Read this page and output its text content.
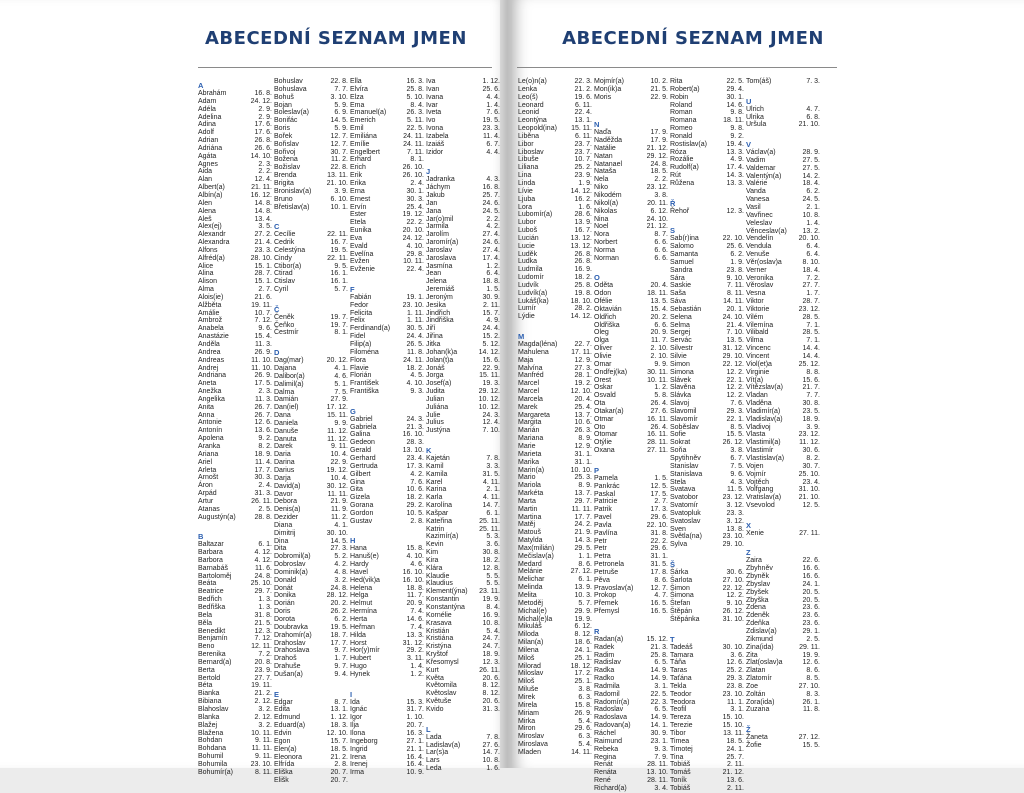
ABECEDNÍ SEZNAM JMEN
A
Abrahám	16. 8.
Adam	24. 12.
Adéla	2. 9.
Adelina	2. 9.
Adina	17. 6.
Adolf	17. 6.
Adrian	26. 8.
Adriána	26. 6.
Agáta	14. 10.
Agnes	2. 3.
Aida	2. 2.
Alan	12. 4.
Albert(a)	21. 11.
Albín(a)	16. 12.
Alen	14. 8.
Alena	14. 8.
Aleš	13. 4.
Alex(ej)	3. 5.
Alexandr	27. 2.
Alexandra	21. 4.
Alfons	23. 3.
Alfréd(a)	28. 10.
Alice	15. 1.
Alina	28. 7.
Alison	15. 1.
Alma	2. 7.
Alois(ie)	21. 6.
Alžběta	19. 11.
Amálie	10. 7.
Ambrož	7. 12.
Anabela	9. 6.
Anastázie	15. 4.
Anděla	11. 3.
Andrea	26. 9.
Andreas	11. 10.
Andrej	11. 10.
Andriana	26. 9.
Aneta	17. 5.
Anežka	2. 3.
Angelika	11. 3.
Anita	26. 7.
Anna	26. 7.
Antonie	12. 6.
Antonín	13. 6.
Apolena	9. 2.
Aranka	8. 2.
Ariana	18. 9.
Ariel	11. 4.
Arleta	17. 7.
Arnošt	30. 3.
Áron	2. 4.
Arpád	31. 3.
Artur	26. 11.
Atanas	2. 5.
Augustýn(a)	28. 8.
B
Baltazar	6. 1.
Barbara	4. 12.
Barbora	4. 12.
Barnabáš	11. 6.
Bartoloměj	24. 8.
Beáta	25. 10.
Beatrice	29. 7.
Bedřich	1. 3.
Bedřiška	1. 3.
Bela	31. 8.
Běla	21. 5.
Benedikt	12. 3.
Benjamín	7. 12.
Beno	12. 11.
Berenika	7. 2.
Bernard(a)	20. 8.
Berta	23. 9.
Bertold	27. 7.
Béta	19. 11.
Bianka	21. 2.
Bibiana	2. 12.
Blahoslav	3. 2.
Blanka	2. 12.
Blažej	3. 2.
Blažena	10. 11.
Bohdan	9. 11.
Bohdana	11. 11.
Bohumil	9. 11.
Bohumila	23. 10.
Bohumír(a)	8. 11.
Bohuslav	22. 8.
Bohuslava	7. 7.
Bohuš	3. 10.
Bojan	5. 9.
Boleslav(a)	6. 9.
Bonifác	14. 5.
Boris	5. 9.
Bořek	12. 7.
Bořislav	12. 7.
Bořivoj	30. 7.
Božena	11. 2.
Božislav	22. 8.
Brenda	13. 11.
Brigita	21. 10.
Bronislav(a)	3. 9.
Bruno	6. 10.
Břetislav(a)	10. 1.
C
Cecílie	22. 11.
Cedrik	16. 7.
Celestýna	19. 5.
Cindy	22. 11.
Ctibor(a)	9. 5.
Ctirad	16. 1.
Ctislav	16. 1.
Cyril	5. 7.
Č
Čeněk	19. 7.
Čeňko	19. 7.
Čestmír	8. 1.
D
Dag(mar)	20. 12.
Dajana	4. 1.
Dalibor(a)	4. 6.
Dalimil(a)	5. 1.
Dalma	7. 5.
Damián	27. 9.
Dan(iel)	17. 12.
Dana	15. 11.
Daniela	9. 9.
Danuše	11. 12.
Danuta	11. 12.
Darek	9. 11.
Daria	10. 4.
Darina	22. 9.
Darius	19. 12.
Darja	10. 4.
David(a)	30. 12.
Davor	11. 11.
Debora	21. 9.
Denis(a)	11. 9.
Dezider	11. 2.
Diana	4. 1.
Dimitrij	30. 10.
Dina	14. 5.
Dita	27. 3.
Dobromil(a)	5. 2.
Dobroslav	4. 2.
Dominik(a)	4. 8.
Donald	3. 2.
Donát	24. 8.
Donika	28. 12.
Dorián	20. 2.
Doris	26. 2.
Dorota	6. 2.
Doubravka	19. 5.
Drahomír(a)	18. 7.
Drahoslav	17. 7.
Drahoslava	9. 7.
Drahoš	1. 7.
Drahuše	9. 7.
Dušan(a)	9. 4.
E
Edgar	8. 7.
Edita	13. 1.
Edmund	1. 12.
Eduard(a)	18. 3.
Edvin	12. 10.
Egon	15. 7.
Elen(a)	18. 5.
Eleonora	21. 2.
Elfrída	2. 8.
Eliška	20. 7.
Elišk	20. 7.
Ella	16. 3.
Elvíra	25. 8.
Elza	5. 10.
Ema	8. 4.
Emanuel(a)	26. 3.
Emerich	5. 11.
Emil	22. 5.
Emiliána	24. 11.
Emílie	24. 11.
Engelbert	7. 11.
Erhard	8. 1.
Erich	26. 10.
Erik	26. 10.
Erika	2. 4.
Erna	30. 1.
Ernest	30. 3.
Ervín	25. 4.
Ester	19. 12.
Etela	22. 2.
Eunika	20. 10.
Eva	24. 12.
Evald	4. 10.
Evelína	29. 8.
Evžen	10. 11.
Evženie	22. 4.
F
Fabián	19. 1.
Fedor	23. 10.
Felicita	1. 11.
Felix	1. 11.
Ferdinand(a) 30. 5.
Fidel	24. 4.
Filip(a)	26. 5.
Filoména	11. 8.
Flora	24. 11.
Flavie	18. 2.
Florián	4. 5.
František	4. 10.
Františka	9. 3.
G
Gabriel	24. 3.
Gabriela	21. 3.
Galina	16. 10.
Gedeon	28. 3.
Gerald	13. 10.
Gerhard	23. 4.
Gertruda	17. 3.
Gilbert	4. 2.
Gina	7. 6.
Gita	10. 6.
Gizela	18. 2.
Gorana	29. 2.
Gordon	10. 5.
Gustav	2. 8.
H
Hana	15. 8.
Hanuš(e)	4. 10.
Hardy	4. 6.
Havel	16. 10.
Hed(vik)a	16. 10.
Helena	18. 8.
Helga	11. 7.
Helmut	20. 9.
Hermína	7. 4.
Herta	14. 6.
Heřman	7. 4.
Hilda	13. 3.
Horst	31. 12.
Hor(y)mír	29. 2.
Hubert	3. 11.
Hugo	1. 4.
Hynek	1. 2.
I
Ida	15. 3.
Ignác	31. 7.
Igor	1. 10.
Ilja	20. 7.
Ilona	16. 3.
Ingeborg	27. 1.
Ingrid	21. 1.
Irena	16. 4.
Irenej	16. 4.
Irma	10. 9.
Iva	1. 12.
Ivan	25. 6.
Ivana	4. 4.
Ivar	1. 4.
Iveta	7. 6.
Ivo	19. 5.
Ivona	23. 3.
Izabela	11. 4.
Izaiáš	6. 7.
Izidor	4. 4.
J
Jadranka	4. 3.
Jáchym	16. 8.
Jakub	25. 7.
Jan	24. 6.
Jana	24. 5.
Jar(o)mil	2. 2.
Jarmila	4. 2.
Jarolím	27. 4.
Jaromír(a)	24. 6.
Jaroslav	27. 4.
Jaroslava	17. 4.
Jasmína	1. 2.
Jean	6. 4.
Jelena	18. 8.
Jeremiáš	1. 5.
Jeroným	30. 9.
Jesika	2. 11.
Jindřich	15. 7.
Jindřiška	4. 9.
Jiří	24. 4.
Jiřina	15. 2.
Jitka	5. 12.
Johan(k)a	14. 12.
Jolan(t)a	15. 6.
Jonáš	22. 9.
Jorga	15. 11.
Josef(a)	19. 3.
Judita	29. 12.
Julian	10. 12.
Juliána	10. 12.
Julie	24. 3.
Julius	12. 4.
Justýna	7. 10.
K
Kajetán	7. 8.
Kamil	3. 3.
Kamila	31. 5.
Karel	4. 11.
Karina	2. 1.
Karla	4. 11.
Karolína	14. 7.
Kašpar	6. 1.
Kateřina	25. 11.
Katrin	25. 11.
Kazimír(a)	5. 3.
Kevin	3. 6.
Kim	30. 8.
Kira	18. 2.
Klára	12. 8.
Klaudie	5. 5.
Klaudius	5. 5.
Klement(ýna) 23. 11.
Konstantin	19. 9.
Konstantýna	8. 4.
Kornélie	16. 9.
Krasava	10. 8.
Kristián	5. 4.
Kristiána	24. 7.
Kristýna	24. 7.
Kryštof	18. 9.
Křesomysl	12. 3.
Kurt	26. 11.
Květa	20. 6.
Květomila	8. 12.
Květoslav	8. 12.
Květuše	20. 6.
Kvido	31. 3.
L
Lada	7. 8.
Ladislav(a)	27. 6.
Lar(s)a	14. 7.
Lars	10. 8.
Leda	1. 6.
ABECEDNÍ SEZNAM JMEN
Le(o)n(a)	22. 3.
Lenka	21. 2.
Leo(š)	19. 6.
Leonard	6. 11.
Leonid	22. 4.
Leontýna	13. 1.
Leopold(ina) 15. 11.
Liběna	6. 11.
Libor	23. 7.
Liboslav	23. 7.
Libuše	10. 7.
Liliana	25. 2.
Lina	23. 9.
Linda	1. 9.
Lívie	14. 12.
Ljuba	16. 2.
Lora	1. 6.
Lubomír(a)	28. 6.
Lubor	13. 9.
Luboš	16. 7.
Lucián	13. 12.
Lucie	13. 12.
Luděk	26. 8.
Ludka	26. 8.
Ludmila	16. 9.
Ludomír	18. 2.
Ludvík	25. 8.
Ludvík(a)	19. 8.
Lukáš(ka)	18. 10.
Lumír	28. 2.
Lýdie	14. 12.
M
Magda(léna) 22. 7.
Mahulena	17. 11.
Maja	12. 9.
Malvína	27. 3.
Manfréd	28. 1.
Marcel	19. 2.
Marcel	12. 10.
Marcela	20. 4.
Marek	25. 4.
Margareta	13. 7.
Margita	10. 6.
Marián	26. 3.
Mariana	8. 9.
Marie	12. 9.
Marieta	31. 1.
Marika	31. 1.
Marin(a)	10. 10.
Mario	25. 3.
Mariola	8. 9.
Markéta	13. 7.
Marta	29. 7.
Martin	11. 11.
Martina	17. 7.
Matěj	24. 2.
Matouš	21. 9.
Matylda	14. 3.
Max(milián)	29. 5.
Mečislav(a)	1. 1.
Medard	8. 6.
Melánie	27. 12.
Melichar	6. 1.
Melinda	13. 9.
Melita	10. 3.
Metoděj	5. 7.
Michal(e)	29. 9.
Michal(e)la	19. 9.
Mikuláš	6. 12.
Miloda	8. 12.
Milan(a)	18. 6.
Milena	24. 1.
Miloš	25. 1.
Milorad	18. 12.
Miloslav	17. 2.
Miloš	25. 1.
Miluše	3. 8.
Mirek	6. 3.
Mirela	15. 8.
Miriam	26. 9.
Mirka	5. 4.
Miron	29. 6.
Miroslav	6. 3.
Miroslava	5. 4.
Mladen	14. 11.
Mojmír(a)	10. 2.
Mon(ik)a	21. 5.
Moris	22. 9.
N
Naďa	17. 9.
Naděžda	17. 9.
Natálie	21. 12.
Natan	29. 12.
Natanael	24. 8.
Nataša	18. 5.
Nela	2. 2.
Niko	23. 12.
Nikodém	3. 8.
Nikol(a)	20. 11.
Nikolas	6. 12.
Nina	24. 10.
Noel	21. 12.
Nora	8. 7.
Norbert	6. 6.
Norma	6. 6.
Norman	6. 6.
O
Oděta	20. 4.
Odon	18. 11.
Ofélie	13. 5.
Oktavián	15. 4.
Oldřich	20. 2.
Oldřiška	6. 6.
Oleg	20. 9.
Olga	11. 7.
Oliver	2. 10.
Olivie	2. 10.
Omar	9. 9.
Ondřej(ka)	30. 11.
Orest	10. 11.
Oskar	1. 2.
Osvald	5. 8.
Ota	26. 4.
Otakar(a)	27. 6.
Otmar	16. 11.
Oto	26. 4.
Otomar	16. 11.
Otýlie	28. 11.
Oxana	27. 11.
P
Pamela	1. 5.
Pankrác	12. 5.
Paskal	17. 5.
Patricie	2. 7.
Patrik	17. 3.
Pavel	29. 6.
Pavla	22. 10.
Pavlína	31. 8.
Petr	22. 2.
Petr	29. 6.
Petra	31. 1.
Petronela	31. 5.
Petruše	17. 8.
Pěva	8. 6.
Pravoslav(a) 12. 7.
Prokop	4. 7.
Přemek	16. 5.
Přemysl	16. 5.
R
Radan(a)	15. 12.
Radek	21. 3.
Radim	25. 8.
Radislav	6. 5.
Radka	14. 9.
Radko	14. 9.
Radmila	3. 1.
Radomil	22. 5.
Radomír(a)	22. 3.
Radoslav	6. 5.
Radoslava	14. 9.
Radovan(a)	14. 1.
Ráchel	30. 9.
Raimund	23. 1.
Rebeka	9. 3.
Regina	7. 9.
Renát	28. 11.
Renáta	13. 10.
René	28. 11.
Richard(a)	3. 4.
Rita	22. 5.
Robert(a)	29. 4.
Robin	30. 1.
Roland	14. 6.
Roman	9. 8.
Romana	18. 11.
Romeo	9. 8.
Ronald	9. 2.
Rostislav(a)	19. 4.
Róza	13. 3.
Rozálie	4. 9.
Rudolf(a)	17. 4.
Rút	14. 3.
Růžena	13. 3.
Ř
Řehoř	12. 3.
S
Sab(r)ina	22. 10.
Salomo	25. 6.
Samanta	6. 2.
Samuel	1. 9.
Sandra	23. 8.
Sára	9. 10.
Saskie	7. 11.
Saša	8. 11.
Sáva	14. 11.
Sebastián	20. 1.
Selena	24. 10.
Selma	21. 4.
Sergej	7. 10.
Servác	13. 5.
Silvestr	31. 12.
Silvie	29. 10.
Simon	22. 12.
Simona	12. 2.
Slávek	22. 1.
Slavěna	12. 2.
Slávka	12. 2.
Slavoj	7. 6.
Slavomil	29. 3.
Slavomír	22. 1.
Soběslav	8. 5.
Sofie	15. 5.
Sokrat	26. 12.
Soňa	3. 8.
Spytihněv	6. 7.
Stanislav	7. 5.
Stanislava	9. 6.
Stela	4. 3.
Svatava	11. 5.
Svatobor	23. 12.
Svatomír	3. 12.
Svatopluk	23. 3.
Svatoslav	3. 12.
Sven	13. 8.
Světla(na)	23. 10.
Sylva	29. 10.
Š
Šárka	30. 6.
Šarlota	27. 10.
Šimon	22. 12.
Šimona	12. 2.
Štefan	9. 10.
Štěpán	26. 12.
Štěpánka	31. 10.
T
Tadeáš	30. 10.
Tamara	3. 6.
Táňa	12. 6.
Taras	25. 2.
Taťána	29. 3.
Tekla	23. 8.
Teodor	23. 10.
Teodora	11. 1.
Teofil	3. 1.
Tereza	15. 10.
Terezie	15. 10.
Tibor	13. 11.
Timea	18. 5.
Timotej	24. 1.
Tina	25. 7.
Tobiáš	2. 11.
Tomáš	21. 12.
Toník	13. 6.
Tobiáš	2. 11.
Tom(áš)	7. 3.
U
Ulrich	4. 7.
Ulrika	6. 8.
Uršula	21. 10.
V
Václav(a)	28. 9.
Vadim	27. 5.
Valdemar	27. 5.
Valentýn(a)	14. 2.
Valérie	18. 4.
Vanda	6. 2.
Vanesa	24. 5.
Vasil	2. 1.
Vavřinec	10. 8.
Veleslav	1. 4.
Věnceslav(a) 13. 2.
Vendelín	20. 10.
Vendula	6. 4.
Venuše	6. 4.
Věr(oslav)a	8. 10.
Verner	18. 4.
Veronika	7. 2.
Věroslav	27. 7.
Vesna	1. 7.
Viktor	28. 7.
Viktorie	23. 12.
Vilém	28. 5.
Vilemína	7. 1.
Vilibald	28. 5.
Vilma	7. 1.
Vincenc	14. 4.
Vincent	14. 4.
Viol(et)a	25. 12.
Virginie	8. 8.
Vít(a)	15. 6.
Vítězslav(a)	21. 7.
Vladan	7. 7.
Vladěna	30. 8.
Vladimír(a)	23. 5.
Vladislav(a)	18. 9.
Vladivoj	3. 9.
Vlasta	23. 12.
Vlastimil(a)	11. 12.
Vlastimír	30. 6.
Vlastislav(a)	8. 2.
Vojen	30. 7.
Vojmír	25. 10.
Vojtěch	23. 4.
Volfgang	31. 10.
Vratislav(a) 21. 10.
Vsevolod	12. 5.
X
Xenie	27. 11.
Z
Zaira	22. 6.
Zbyhněv	16. 6.
Zbyněk	16. 6.
Zbyslav	24. 1.
Zbyšek	20. 5.
Zbyška	20. 5.
Zdena	23. 6.
Zdeněk	23. 6.
Zdeňka	23. 6.
Zdislav(a)	29. 1.
Zikmund	2. 5.
Zina(ida)	29. 11.
Zita	19. 9.
Zlat(oslav)a	12. 6.
Zlatan	8. 6.
Zlatomír	8. 5.
Zoe	27. 10.
Zoltán	8. 3.
Zora(ida)	26. 1.
Zuzana	11. 8.
Ž
Žaneta	27. 12.
Žofie	15. 5.
